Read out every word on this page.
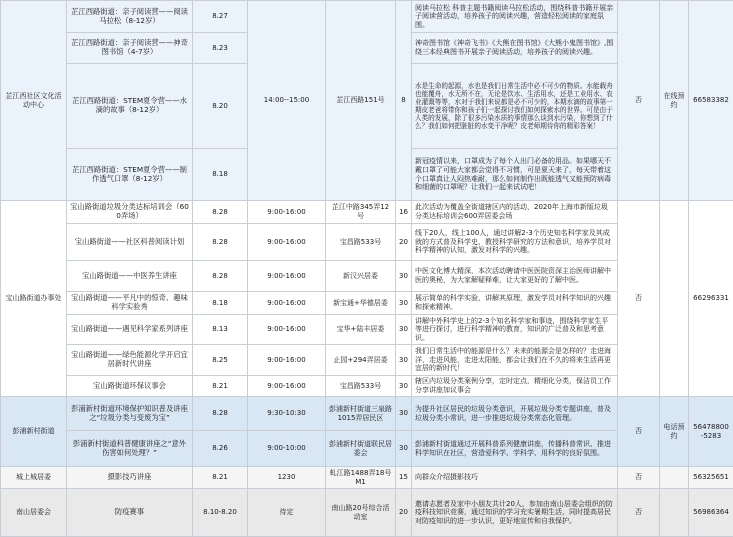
芷江西社区文化活动中心	芷江西路街道：亲子阅读营——阅读马拉松（8-12岁）	8.27	14:00--15:00	芷江西路151号	8	阅读马拉松 科普主题书籍阅读马拉松活动，围绕科普书籍开展亲子阅读营活动，培养孩子的阅读兴趣，营造轻松阅读的家庭氛围。	否	在线预约	66583382
	芷江西路街道：亲子阅读营——神奇图书馆（4-7岁）	8.23				神奇图书馆《神奇飞书》《大熊在图书馆》《大熊小鬼图书馆》,围绕三本经典图书开展亲子阅读活动，培养孩子的阅读兴趣。			
	芷江西路街道：STEM夏令营——水滴的故事（8-12岁）	8.20				水是生命的起源，水也是我们日常生活中必不可少的物质。水能载舟也能覆舟，水无所不在，无论是饮水、生活用水，还是工业用水、农业灌溉等等，水对于我们来说都是必不可少的，本期水滴的故事第一期皮老爸将带你和孩子们一起探讨我们如何探索水的世界。可是由于人类的发展，除了很多污染水质的事情那么谈到水污染，你想到了什么？我们如何把脏脏的水变干净呢？皮老师期待你的精彩答案！			
	芷江西路街道：STEM夏令营——制作透气口罩（8-12岁）	8.18				新冠疫情以来，口罩成为了每个人出门必备的用品。如果哪天不戴口罩了可能大家都会觉得不习惯，可是夏天来了，每天带着这个口罩真让人闷热难耐，那么如何制作出既能透气又能预防病毒和细菌的口罩呢？让我们一起来试试吧！			
宝山路街道办事处	宝山路街道垃圾分类达标培训会（600弄场）	8.28	9:00-16:00	芷江中路345弄12号	16	此次活动为覆盖全街道辖区内的活动，2020年上海市新版垃圾分类达标培训会600弄居委会场	否		66296331
	宝山路街道——社区科普阅读计划	8.28	9:00-16:00	宝昌路533号	20	线下20人，线上100人，通过讲解2-3个历史知名科学家及其成就的方式普及科学史，教授科学研究的方法和意识，培养学员对科学精神的认知，激发对科学的兴趣。			
	宝山路街道——中医养生讲座	8.28	9:00-16:00	新汉兴居委	30	中医文化博大精深，本次活动聘请中医医院资深主治医师讲解中医的奥秘，为大家解疑释难，让大家更好的了解中医。			
	宝山路街道——平凡中的惊奇、趣味科学实验秀	8.18	9:00-16:00	新宝通+华德居委	30	展示简单的科学实验，讲解其原理，激发学员对科学知识的兴趣和探索精神。			
	宝山路街道——遇见科学家系列讲座	8.13	9:00-16:00	宝华+陆丰居委	30	讲解中外科学史上的2-3个知名科学家和事迹，围绕科学家生平等进行探讨，进行科学精神的教育，知识的广泛普及和思考意识。			
	宝山路街道——绿色能源化学开启宜居新时代讲座	8.25	9:00-16:00	止园+294弄居委	30	我们日常生活中的能源是什么？未来的能源会是怎样的？走进海洋，走进风能，走进太阳能，都会让我们在不久的将来生活再更宜居的新时代！			
	宝山路街道环保议事会	8.21	9:00-16:00	宝昌路533号	30	辖区内垃圾分类案例分享，定时定点，精细化分类，保洁员工作分享讲座加议事会			
彭浦新村街道	彭浦新村街道环境保护知识普及讲座 之“垃圾分类与变废为宝”	8.28	9:30-10:30	彭浦新村街道三泉路1015弄居民区	30	为提升社区居民的垃圾分类意识，开展垃圾分类专题讲座，普及垃圾分类小常识，进一步推进垃圾分类常态化管理。	否	电话预约	56478800-5283
	彭浦新村街道科普健康讲座之“意外伤害如何处理？”	8.26	9:00-10:00	彭浦新村街道联民居委会	30	彭浦新村街道通过开展科普系列健康讲座，传播科普常识、推进科学知识在社区，营造爱科学、学科学、用科学的良好氛围。			
城上城居委	摄影技巧讲座	8.21	1230	虬江路1488弄18号M1	15	向群众介绍摄影技巧	否		56325651
南山居委会	防疫赛事	8.10-8.20	待定	南山路20号综合活动室	20	邀请志愿者及家中小朋友共计20人，参加由南山居委会组织的防疫科技知识竞赛，通过知识的学习充实暑期生活，同时提高居民对防疫知识的进一步认识，更好地宣传和自我保护。	否		56986364
